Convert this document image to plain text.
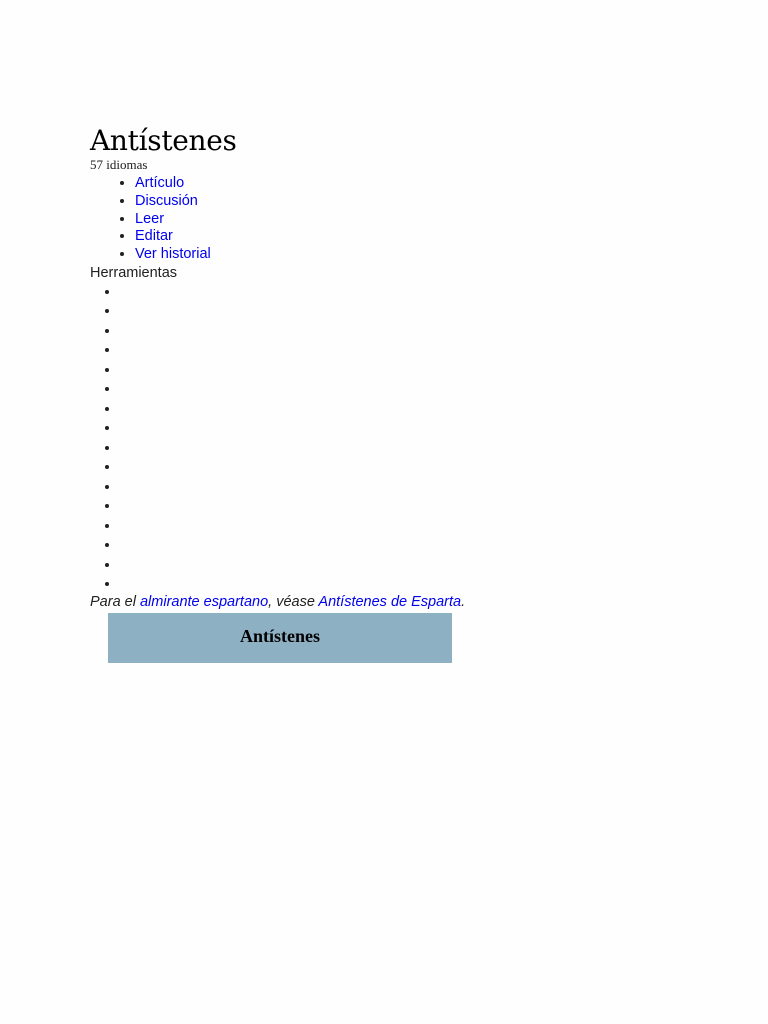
Antístenes
57 idiomas
• Artículo
• Discusión
• Leer
• Editar
• Ver historial
Herramientas
•
•
•
•
•
•
•
•
•
•
•
•
•
•
•
•
Para el almirante espartano, véase Antístenes de Esparta.
Antístenes
